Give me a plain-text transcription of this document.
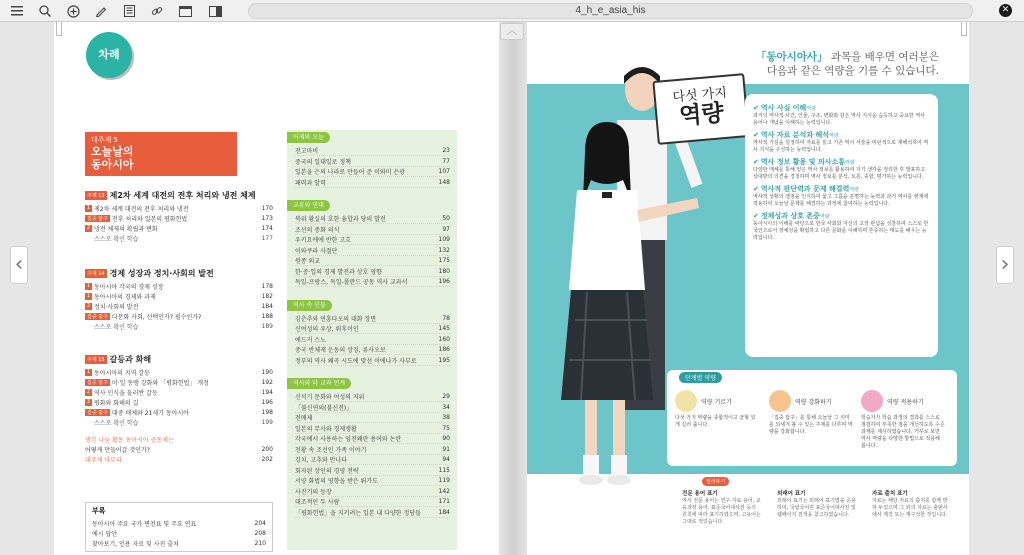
4_h_e_asia_his	✕
︿
‹	›
차례
대주제 5
오늘날의
동아시아
주제 13 제2차 세계 대전의 전후 처리와 냉전 체제
1 제2차 세계 대전의 전후 처리와 냉전	170
집중 탐구 전후 처리와 일본의 평화헌법	173
2 냉전 체제의 확립과 변화	174
스스로 확인 학습	177
주제 14 경제 성장과 정치·사회의 발전
1 동아시아 각국의 경제 성장	178
1 동아시아의 경제와 과제	182
2 정치·사회의 발전	184
집중 탐구 다문화 사회, 선택인가? 필수인가?	188
스스로 확인 학습	189
주제 15 갈등과 화해
1 동아시아의 지역 갈등	190
집중 탐구 미·일 동맹 강화와 「평화헌법」 개정	192
2 역사 인식을 둘러싼 갈등	194
3 평화와 화해의 길	196
집중 탐구 대중 매체와 21세기 동아시아	198
스스로 확인 학습	199
생각 나눔 활동 동아시아 공동체는
어떻게 만들어갈 것인가?	200
대주제 마무리	202
부록
동아시아 주요 국가 변천표 및 주요 연표	204
예시 답안	208
찾아보기, 인용 자료 및 사진 출처	210
어제와 오늘
전고마비	23
중국의 일대일로 정책	77
일본을 은의 나라로 만들어 준 이와미 은광	107
패력과 알력	148
교류와 연대
북위 황실의 호한 융합과 당의 발전	50
조선의 중화 의식	97
우키요에에 반한 고흐	109
이와쿠라 사절단	132
원종 외교	175
한·중·일의 경제 발전과 상호 영향	180
독일-프랑스, 독일-폴란드 공동 역사 교과서	196
역사 속 인물
김춘추와 연흥다오의 대화 장면	78
신여성의 우상, 뤼후이인	145
에드거 스노	160
중국 반체제 운동의 상징, 류사오보	186
정부의 역사 왜곡 시도에 맞선 이에나가 사부로	195
역사와 타 교과 연계
신석기 문화와 여성의 지위	29
「불신연의(불신전)」	34
전매제	38
일본의 무사와 경제생활	75
각국에서 사용하는 임진왜란 용어와 논란	90
천황 속 조선인 가족 이야기	91
김치, 고추와 만나다	94
회자된 상인의 경영 전략	115
서양 화법의 영향을 받은 뤄가도	119
사진기의 등장	142
대조적인 두 사람	171
「평화헌법」을 지키려는 일본 내 다양한 정당들	184
「동아시아사」 과목을 배우면 여러분은
다음과 같은 역량을 기를 수 있습니다.
다섯 가지
역량	✔ 역사 사실 이해 역량
과거의 역사적 사건, 인물, 구조, 변화와 같은 역사 지식을 습득하고 중요한 역사 용어나 개념을 이해하는 능력입니다.
✔ 역사 자료 분석과 해석 역량
역사적 가설을 설정하여 자료를 읽고 기존 역사 서술을 비판적으로 재해석하여 역사 지식을 구성하는 능력입니다.
✔ 역사 정보 활용 및 의사소통 역량
다양한 매체를 통해 얻은 역사 정보를 활용하여 자기 생각을 정리한 후 발표하고 상대방의 의견을 경청하며 역사 정보를 분석, 토론, 종합, 평가하는 능력입니다.
✔ 역사적 판단력과 문제 해결력 역량
역사적 상황의 쟁점을 인식하여 옳고 그름을 분별하는 능력과 과거 역사를 현재에 적용하여 오늘날 문제를 해결하는 과정에 참여하는 능력입니다.
✔ 정체성과 상호 존중 역량
동아시아의 이해를 바탕으로 한국 사회와 자신의 고장 관념을 성찰하여 스스로 한국인으로서 정체성을 확립하고 다른 문화를 이해하며 존중하는 태도를 배우는 능력입니다.
단계별 역량
역량 기르기
다섯 가지 역량을 종합적이고 균형 있게 길러 줍니다.
역량 강화하기
「집중 탐구」를 통해 오늘날 그 의미를 되새겨 볼 수 있는 주제를 다루며 역량을 강화합니다.
역량 적용하기
학습자가 학습 과정의 결과를 스스로 점검하여 부족한 점을 개선하도록 수준 과제를 제시하였습니다. 거꾸로 보면 역사 역량을 다양한 방법으로 적용해 봅니다.
일러두기
전문 용어 표기
역사 전문 용어는 연구·자료 용어, 교육과정 용어, 표준국어대사전 등의 원칙에 따라 표기하였으며, 고유어는 그대로 적었습니다.
외래어 표기
외래어 표기는 외래어 표기법을 준용하여, 국립국어원 표준국어대사전 및 웹페이지 검색을 참고하였습니다.
자료 출처 표기
자료는 해당 자료의 출처를 함께 밝혀 두었으며 그 외의 자료는 출판사에서 제작 또는 재구성한 것입니다.
